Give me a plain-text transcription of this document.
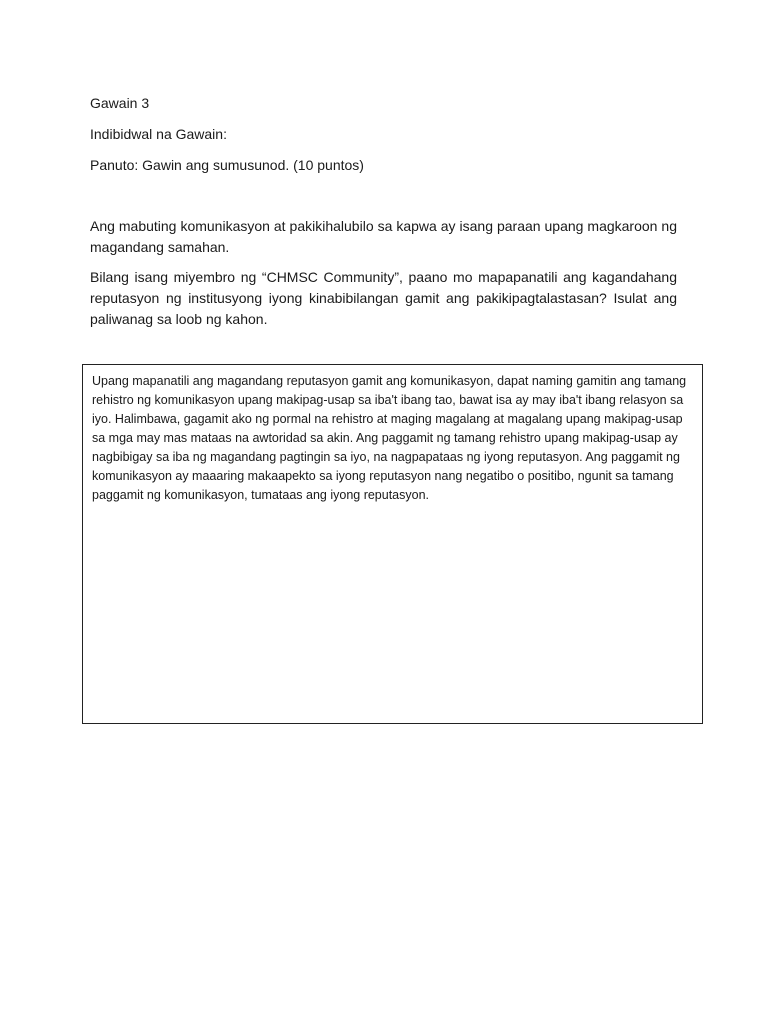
Gawain 3

Indibidwal na Gawain:

Panuto: Gawin ang sumusunod. (10 puntos)

Ang mabuting komunikasyon at pakikihalubilo sa kapwa ay isang paraan upang magkaroon ng magandang samahan.

Bilang isang miyembro ng “CHMSC Community”, paano mo mapapanatili ang kagandahang reputasyon ng institusyong iyong kinabibilangan gamit ang pakikipagtalastasan? Isulat ang paliwanag sa loob ng kahon.

Upang mapanatili ang magandang reputasyon gamit ang komunikasyon, dapat naming gamitin ang tamang rehistro ng komunikasyon upang makipag-usap sa iba't ibang tao, bawat isa ay may iba't ibang relasyon sa iyo. Halimbawa, gagamit ako ng pormal na rehistro at maging magalang at magalang upang makipag-usap sa mga may mas mataas na awtoridad sa akin. Ang paggamit ng tamang rehistro upang makipag-usap ay nagbibigay sa iba ng magandang pagtingin sa iyo, na nagpapataas ng iyong reputasyon. Ang paggamit ng komunikasyon ay maaaring makaapekto sa iyong reputasyon nang negatibo o positibo, ngunit sa tamang paggamit ng komunikasyon, tumataas ang iyong reputasyon.
